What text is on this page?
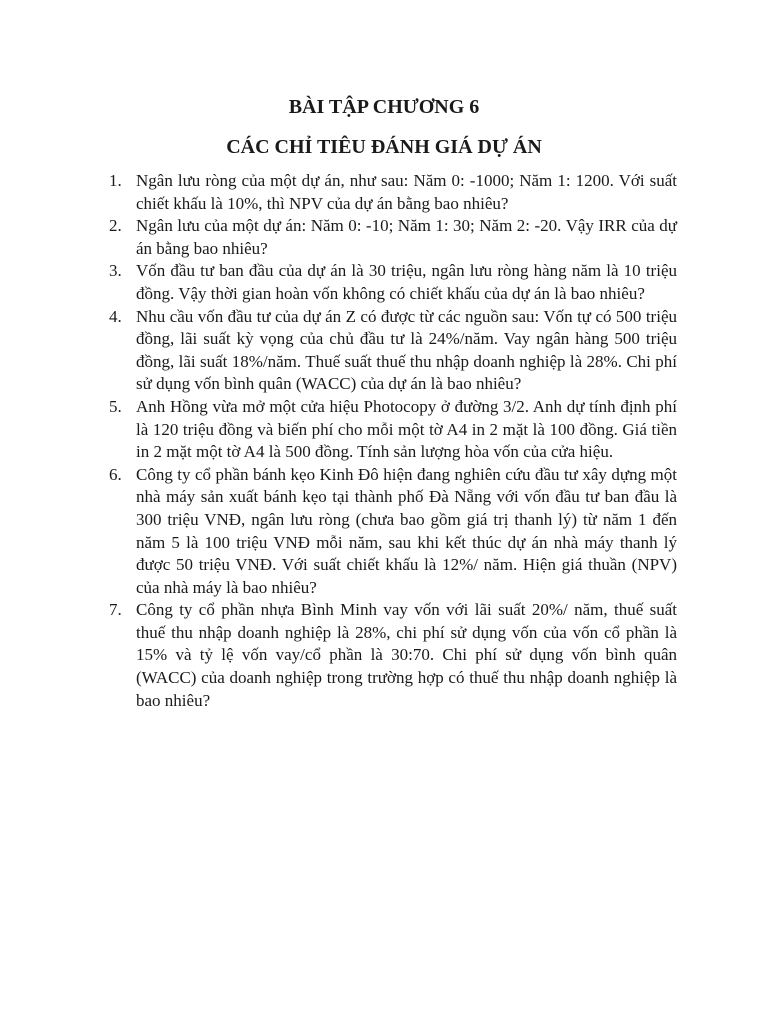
BÀI TẬP CHƯƠNG 6
CÁC CHỈ TIÊU ĐÁNH GIÁ DỰ ÁN
1. Ngân lưu ròng của một dự án, như sau: Năm 0: -1000; Năm 1: 1200. Với suất chiết khấu là 10%, thì NPV của dự án bằng bao nhiêu?
2. Ngân lưu của một dự án: Năm 0: -10; Năm 1: 30; Năm 2: -20. Vậy IRR của dự án bằng bao nhiêu?
3. Vốn đầu tư ban đầu của dự án là 30 triệu, ngân lưu ròng hàng năm là 10 triệu đồng. Vậy thời gian hoàn vốn không có chiết khấu của dự án là bao nhiêu?
4. Nhu cầu vốn đầu tư của dự án Z có được từ các nguồn sau: Vốn tự có 500 triệu đồng, lãi suất kỳ vọng của chủ đầu tư là 24%/năm. Vay ngân hàng 500 triệu đồng, lãi suất 18%/năm. Thuế suất thuế thu nhập doanh nghiệp là 28%. Chi phí sử dụng vốn bình quân (WACC) của dự án là bao nhiêu?
5. Anh Hồng vừa mở một cửa hiệu Photocopy ở đường 3/2. Anh dự tính định phí là 120 triệu đồng và biến phí cho mỗi một tờ A4 in 2 mặt là 100 đồng. Giá tiền in 2 mặt một tờ A4 là 500 đồng. Tính sản lượng hòa vốn của cửa hiệu.
6. Công ty cổ phần bánh kẹo Kinh Đô hiện đang nghiên cứu đầu tư xây dựng một nhà máy sản xuất bánh kẹo tại thành phố Đà Nẵng với vốn đầu tư ban đầu là 300 triệu VNĐ, ngân lưu ròng (chưa bao gồm giá trị thanh lý) từ năm 1 đến năm 5 là 100 triệu VNĐ mỗi năm, sau khi kết thúc dự án nhà máy thanh lý được 50 triệu VNĐ. Với suất chiết khấu là 12%/ năm. Hiện giá thuần (NPV) của nhà máy là bao nhiêu?
7. Công ty cổ phần nhựa Bình Minh vay vốn với lãi suất 20%/ năm, thuế suất thuế thu nhập doanh nghiệp là 28%, chi phí sử dụng vốn của vốn cổ phần là 15% và tỷ lệ vốn vay/cổ phần là 30:70. Chi phí sử dụng vốn bình quân (WACC) của doanh nghiệp trong trường hợp có thuế thu nhập doanh nghiệp là bao nhiêu?
